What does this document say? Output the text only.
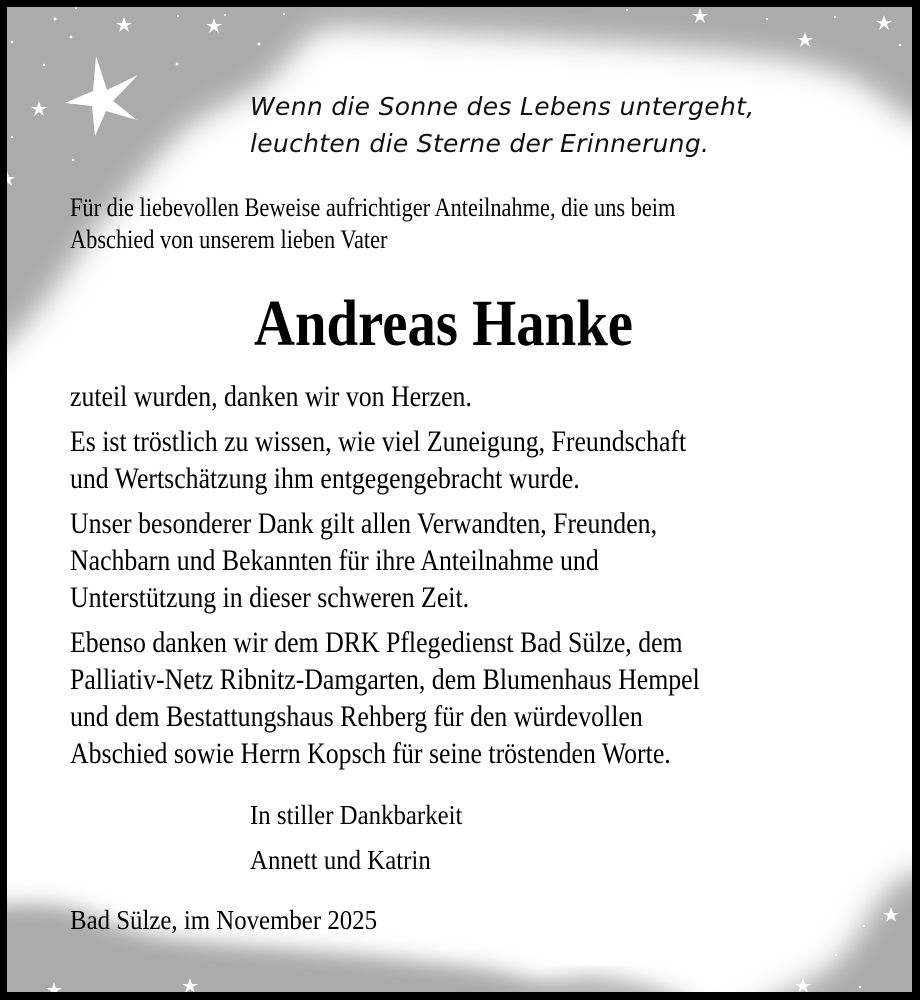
Wenn die Sonne des Lebens untergeht,
leuchten die Sterne der Erinnerung.
Für die liebevollen Beweise aufrichtiger Anteilnahme, die uns beim
Abschied von unserem lieben Vater
Andreas Hanke
zuteil wurden, danken wir von Herzen.
Es ist tröstlich zu wissen, wie viel Zuneigung, Freundschaft
und Wertschätzung ihm entgegengebracht wurde.
Unser besonderer Dank gilt allen Verwandten, Freunden,
Nachbarn und Bekannten für ihre Anteilnahme und
Unterstützung in dieser schweren Zeit.
Ebenso danken wir dem DRK Pflegedienst Bad Sülze, dem
Palliativ-Netz Ribnitz-Damgarten, dem Blumenhaus Hempel
und dem Bestattungshaus Rehberg für den würdevollen
Abschied sowie Herrn Kopsch für seine tröstenden Worte.
In stiller Dankbarkeit
Annett und Katrin
Bad Sülze, im November 2025
